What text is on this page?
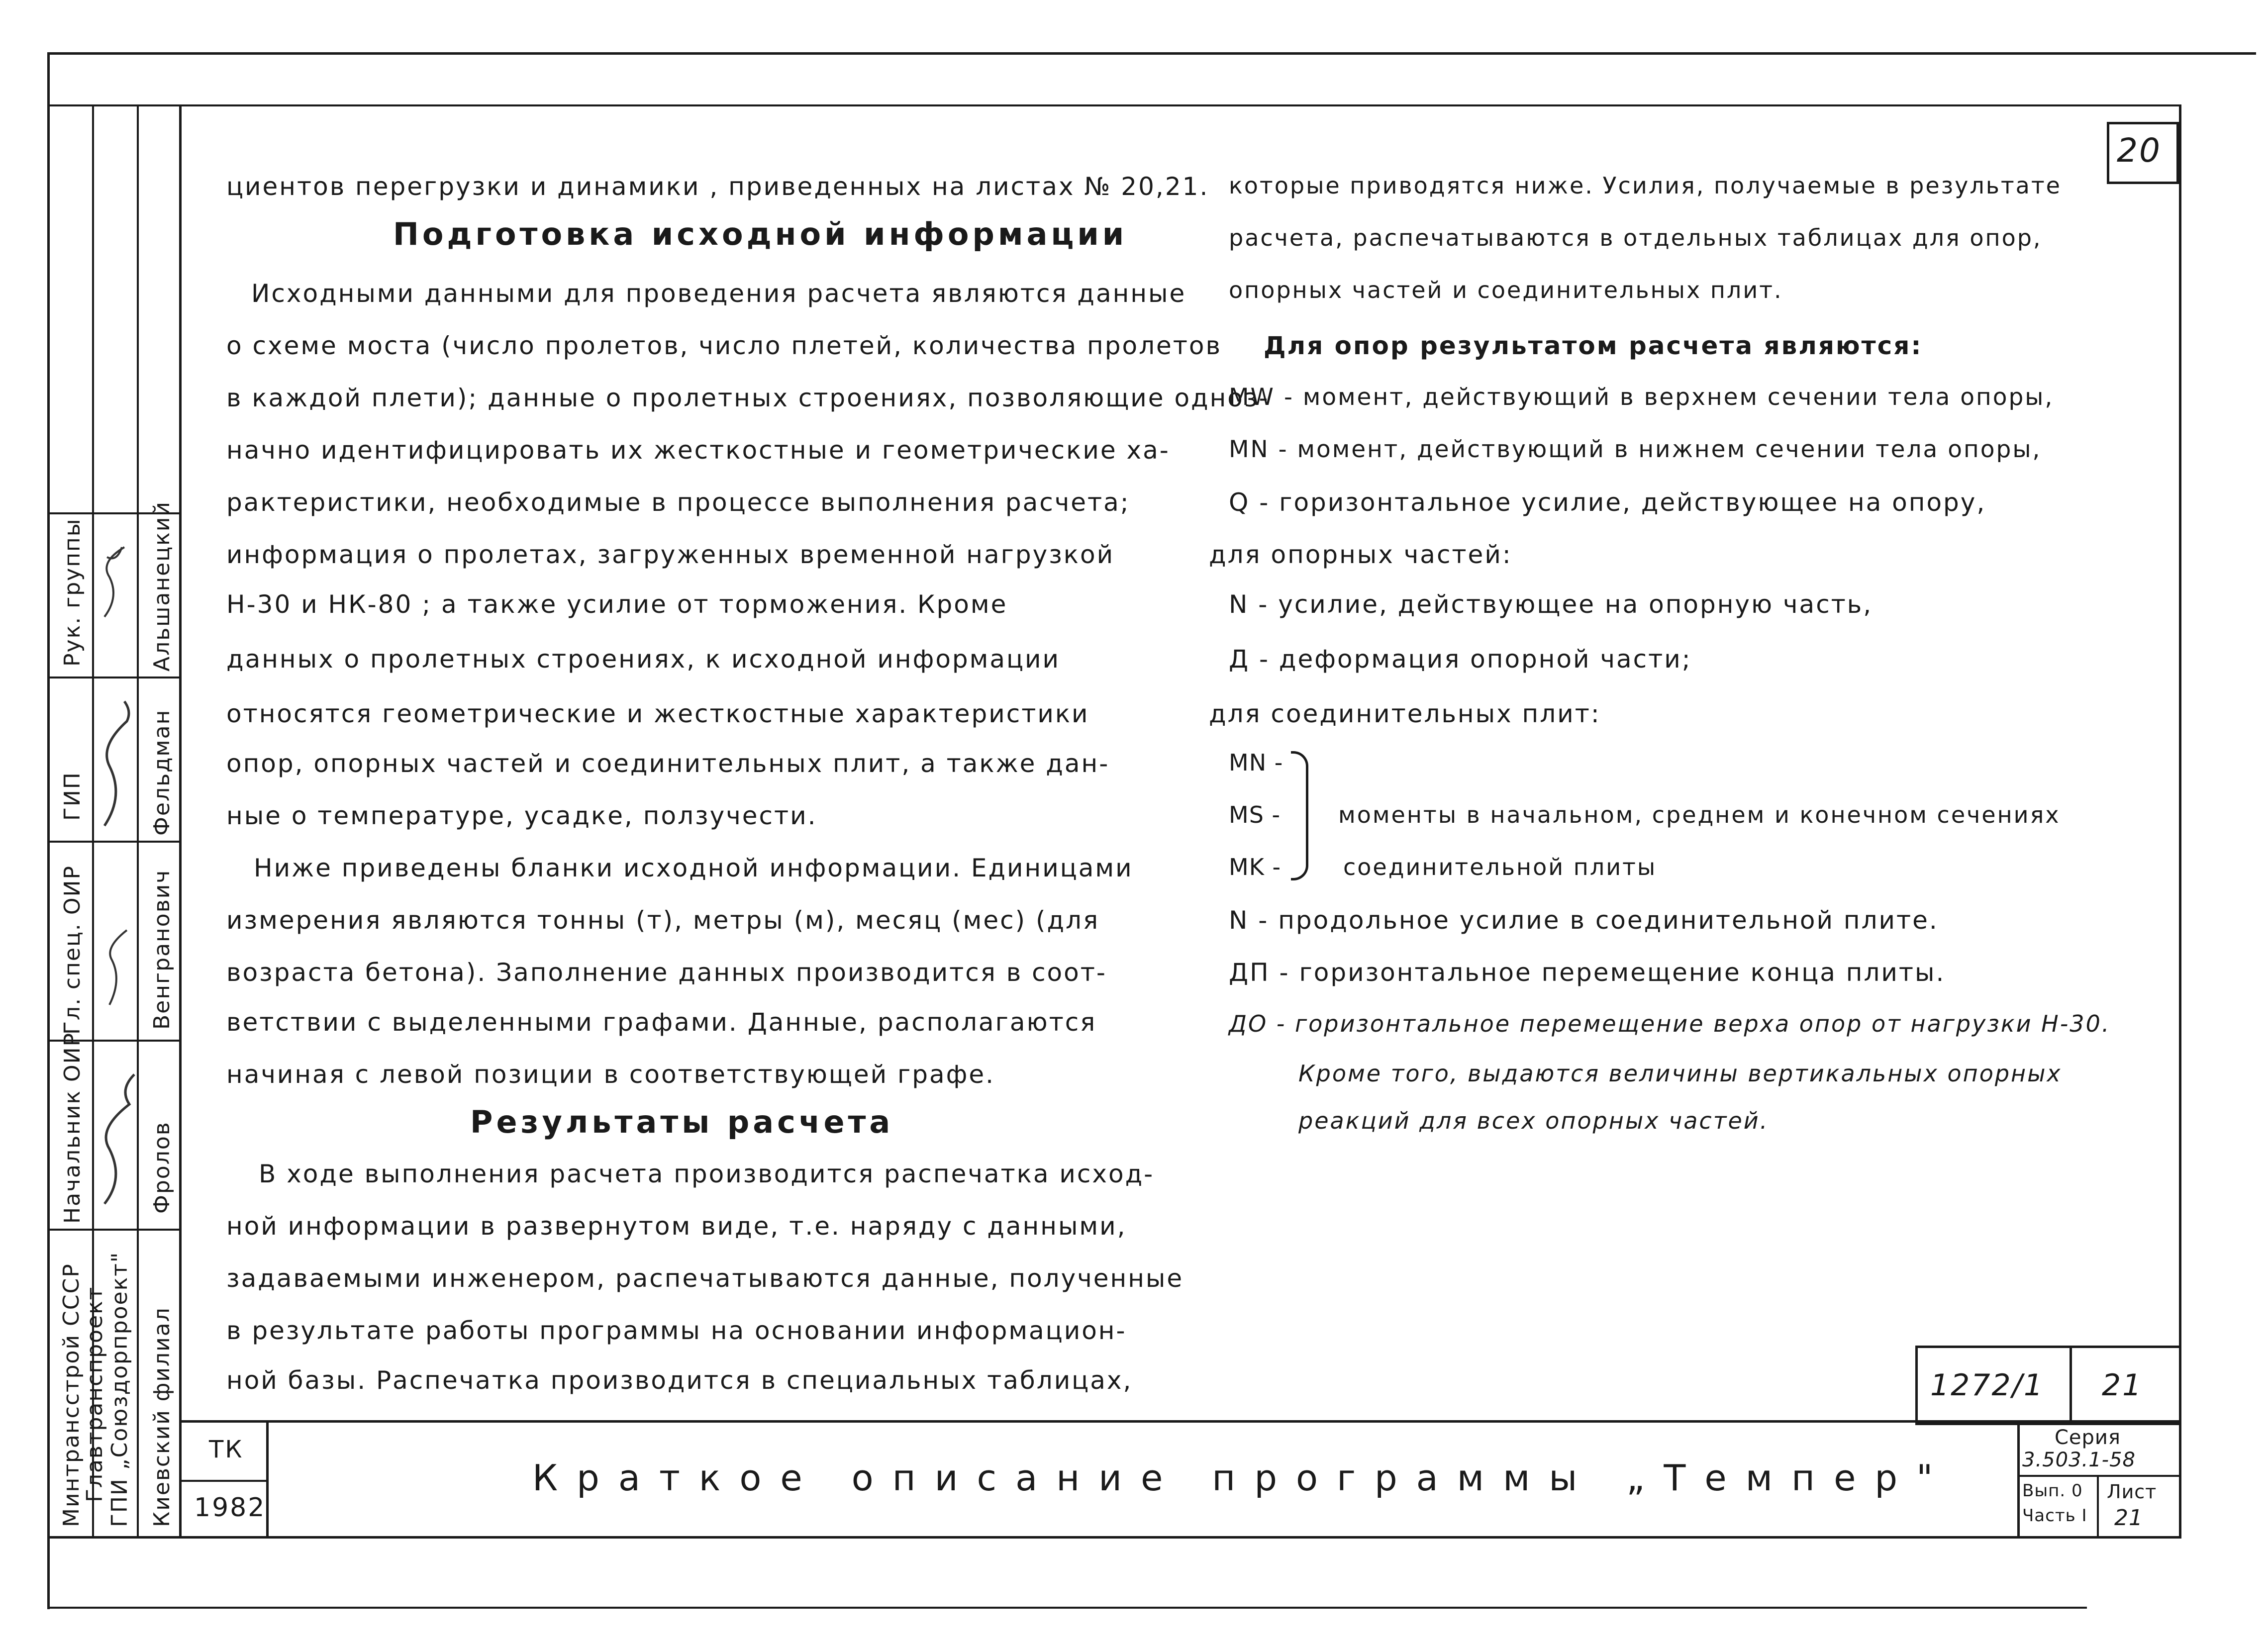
Минтрансстрой СССР
Главтранспроект ГПИ „Союздорпроект" Киевский филиал
Начальник ОИР
Гл. спец. ОИР
ГИП
Рук. группы
Фролов
Венгранович
Фельдман
Альшанецкий
20
циентов перегрузки и динамики , приведенных на листах № 20,21.
Подготовка исходной информации
Исходными данными для проведения расчета являются данные
о схеме моста (число пролетов, число плетей, количества пролетов
в каждой плети); данные о пролетных строениях, позволяющие одноз-
начно идентифицировать их жесткостные и геометрические ха-
рактеристики, необходимые в процессе выполнения расчета;
информация о пролетах, загруженных временной нагрузкой
Н-30 и НК-80 ; а также усилие от торможения. Кроме
данных о пролетных строениях, к исходной информации
относятся геометрические и жесткостные характеристики
опор, опорных частей и соединительных плит, а также дан-
ные о температуре, усадке, ползучести.
Ниже приведены бланки исходной информации. Единицами
измерения являются тонны (т), метры (м), месяц (мес) (для
возраста бетона). Заполнение данных производится в соот-
ветствии с выделенными графами. Данные, располагаются
начиная с левой позиции в соответствующей графе.
Результаты расчета
В ходе выполнения расчета производится распечатка исход-
ной информации в развернутом виде, т.е. наряду с данными,
задаваемыми инженером, распечатываются данные, полученные
в результате работы программы на основании информацион-
ной базы. Распечатка производится в специальных таблицах,
которые приводятся ниже. Усилия, получаемые в результате
расчета, распечатываются в отдельных таблицах для опор,
опорных частей и соединительных плит.
Для опор результатом расчета являются:
MW - момент, действующий в верхнем сечении тела опоры,
MN - момент, действующий в нижнем сечении тела опоры,
Q - горизонтальное усилие, действующее на опору,
для опорных частей:
N - усилие, действующее на опорную часть,
Д - деформация опорной части;
для соединительных плит:
MN -
MS -
MK -
моменты в начальном, среднем и конечном сечениях
соединительной плиты
N - продольное усилие в соединительной плите.
ДП - горизонтальное перемещение конца плиты.
ДО - горизонтальное перемещение верха опор от нагрузки Н-30.
Кроме того, выдаются величины вертикальных опорных
реакций для всех опорных частей.
1272/1 21
ТК
1982
Краткое описание программы „Темпер"
Серия
3.503.1-58
Вып. 0
Часть I
Лист
21
